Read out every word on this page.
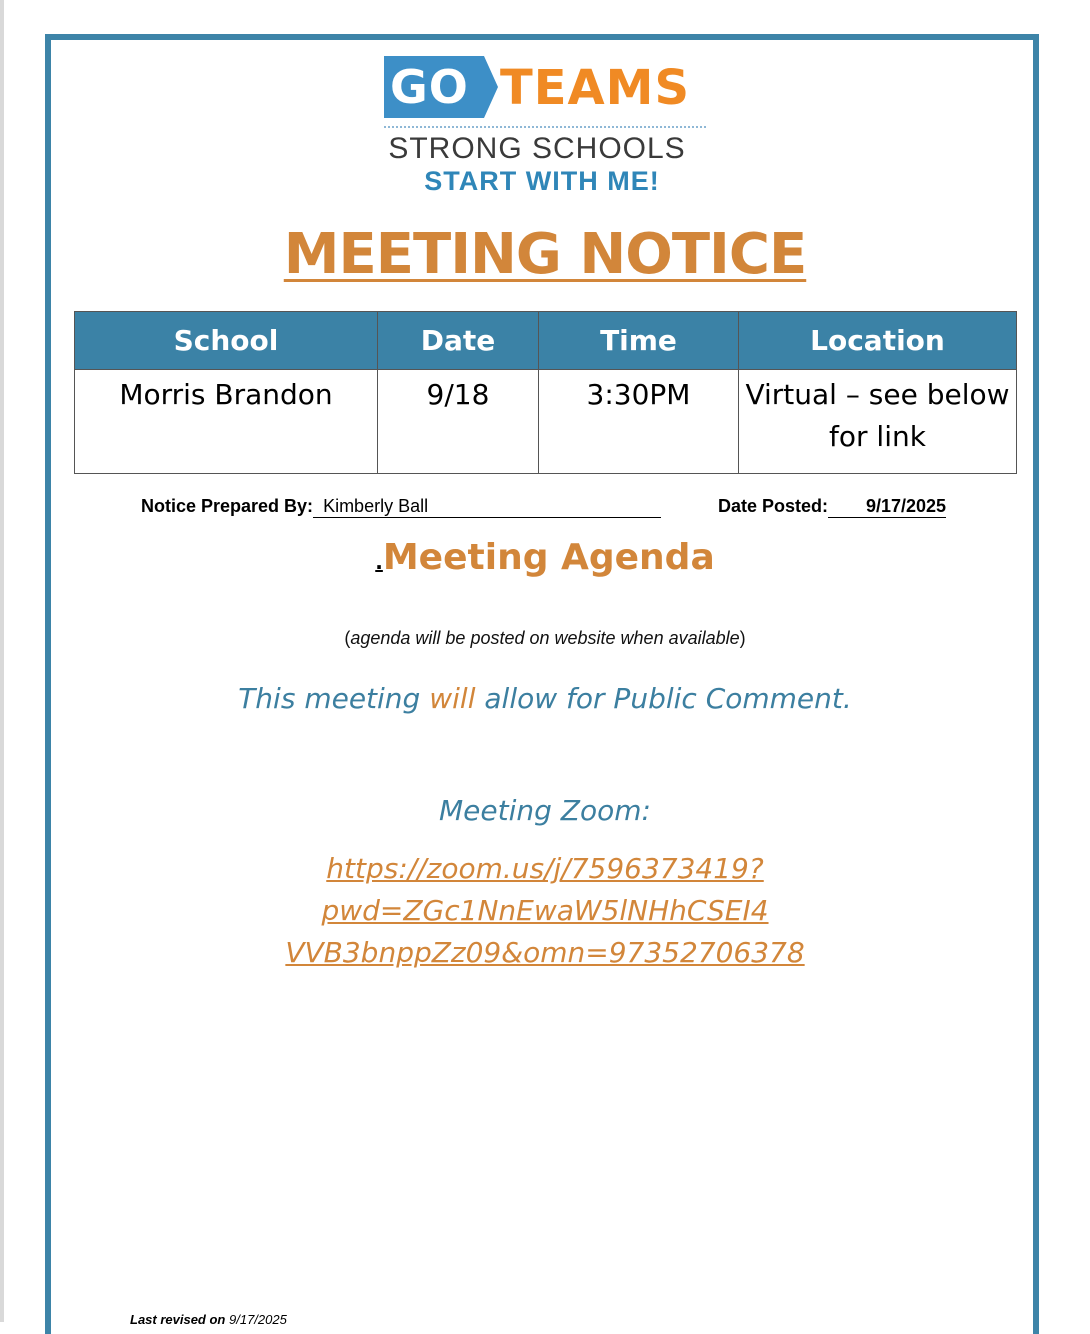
GO TEAMS
STRONG SCHOOLS
START WITH ME!
MEETING NOTICE
School	Date	Time	Location
Morris Brandon	9/18	3:30PM	Virtual – see below
for link
Notice Prepared By: Kimberly Ball	Date Posted: 9/17/2025
.Meeting Agenda
(agenda will be posted on website when available)
This meeting will allow for Public Comment.
Meeting Zoom:
https://zoom.us/j/7596373419?pwd=ZGc1NnEwaW5lNHhCSEI4
VVB3bnppZz09&omn=97352706378
Last revised on 9/17/2025
